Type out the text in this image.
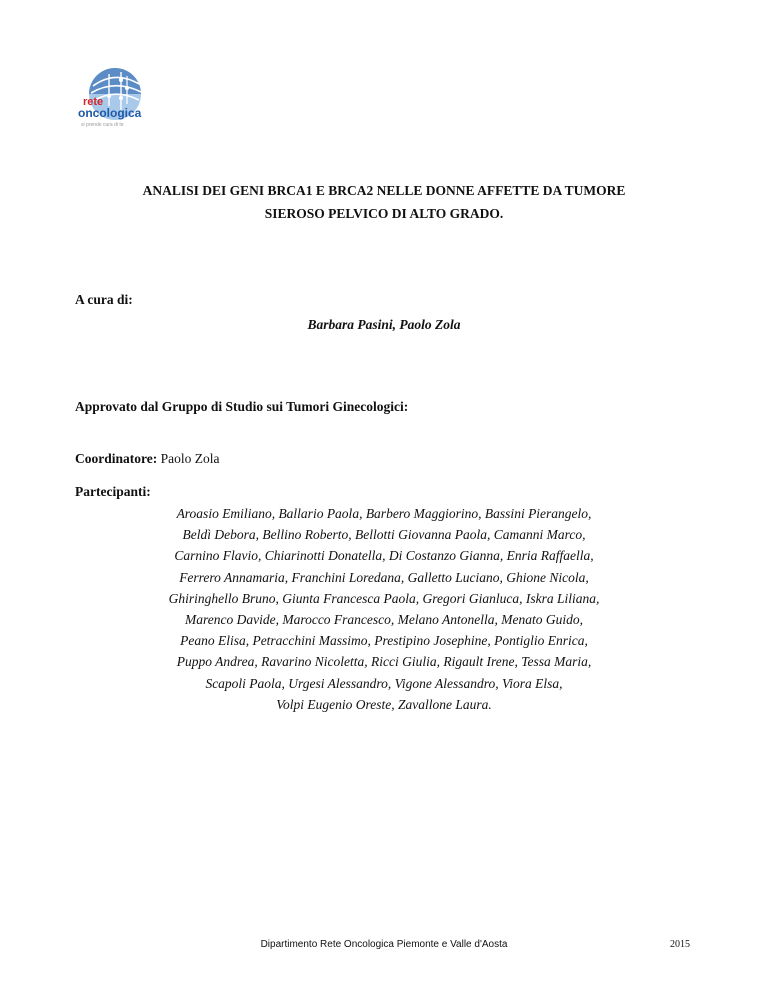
rete
oncologica
si prende cura di te
ANALISI DEI GENI BRCA1 E BRCA2 NELLE DONNE AFFETTE DA TUMORE
SIEROSO PELVICO DI ALTO GRADO.
A cura di:
Barbara Pasini, Paolo Zola
Approvato dal Gruppo di Studio sui Tumori Ginecologici:
Coordinatore: Paolo Zola
Partecipanti:
Aroasio Emiliano, Ballario Paola, Barbero Maggiorino, Bassini Pierangelo,
Beldì Debora, Bellino Roberto, Bellotti Giovanna Paola, Camanni Marco,
Carnino Flavio, Chiarinotti Donatella, Di Costanzo Gianna, Enria Raffaella,
Ferrero Annamaria, Franchini Loredana, Galletto Luciano, Ghione Nicola,
Ghiringhello Bruno, Giunta Francesca Paola, Gregori Gianluca, Iskra Liliana,
Marenco Davide, Marocco Francesco, Melano Antonella, Menato Guido,
Peano Elisa, Petracchini Massimo, Prestipino Josephine, Pontiglio Enrica,
Puppo Andrea, Ravarino Nicoletta, Ricci Giulia, Rigault Irene, Tessa Maria,
Scapoli Paola, Urgesi Alessandro, Vigone Alessandro, Viora Elsa,
Volpi Eugenio Oreste, Zavallone Laura.
Dipartimento Rete Oncologica Piemonte e Valle d'Aosta	2015
